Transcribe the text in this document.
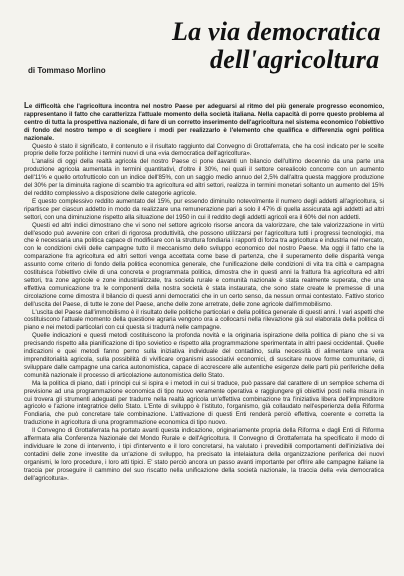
La via democratica
dell'agricoltura
di Tommaso Morlino

Le difficoltà che l'agricoltura incontra nel nostro Paese per adeguarsi al ritmo del più generale progresso economico, rappresentano il fatto che caratterizza l'attuale momento della società italiana. Nella capacità di porre questo problema al centro di tutta la prospettiva nazionale, di fare di un corretto inserimento dell'agricoltura nel sistema economico l'obiettivo di fondo del nostro tempo e di scegliere i modi per realizzarlo è l'elemento che qualifica e differenzia ogni politica nazionale.

Questo è stato il significato, il contenuto e il risultato raggiunto dal Convegno di Grottaferrata, che ha così indicato per le scelte proprie delle forze politiche i termini nuovi di una «via democratica dell'agricoltura».

L'analisi di oggi della realtà agricola del nostro Paese ci pone davanti un bilancio dell'ultimo decennio da una parte una produzione agricola aumentata in termini quantitativi, d'oltre il 30%, nei quali il settore cerealicolo concorre con un aumento dell'11% e quello ortofrutticolo con un indice dell'85%, con un saggio medio annuo del 2,5% dall'altra questa maggiore produzione del 30% per la diminuita ragione di scambio tra agricoltura ed altri settori, realizza in termini monetari soltanto un aumento del 15% del reddito complessivo a disposizione delle categorie agricole.

E questo complessivo reddito aumentato del 15%, pur essendo diminuito notevolmente il numero degli addetti all'agricoltura, si ripartisce per ciascun addetto in modo da realizzare una remunerazione pari a solo il 47% di quella assicurata agli addetti ad altri settori, con una diminuzione rispetto alla situazione del 1950 in cui il reddito degli addetti agricoli era il 60% del non addetti.

Questi ed altri indici dimostrano che vi sono nel settore agricolo risorse ancora da valorizzare, che tale valorizzazione in virtù dell'esodo può avvenire con criteri di rigorosa produttività, che possono utilizzarsi per l'agricoltura tutti i progressi tecnologici, ma che è necessaria una politica capace di modificare con la struttura fondiaria i rapporti di forza tra agricoltura e industria nel mercato, con le condizioni civili delle campagne tutto il meccanismo dello sviluppo economico del nostro Paese. Ma oggi il fatto che la comparazione fra agricoltura ed altri settori venga accettata come base di partenza, che il superamento delle disparità venga assunto come criterio di fondo della politica economica generale, che l'unificazione delle condizioni di vita tra città e campagna costituisca l'obiettivo civile di una concreta e programmata politica, dimostra che in questi anni la frattura fra agricoltura ed altri settori, tra zone agricole e zone industrializzate, tra società rurale e comunità nazionale è stata realmente superata, che una effettiva comunicazione tra le componenti della nostra società è stata instaurata, che sono state create le premesse di una circolazione come dimostra il bilancio di questi anni democratici che in un certo senso, da nessun ormai contestato. Fattivo storico dell'uscita del Paese, di tutte le zone del Paese, anche delle zone arretrate, delle zone agricole dall'immobilismo.

L'uscita del Paese dall'immobilismo è il risultato delle politiche particolari e della politica generale di questi anni. I vari aspetti che costituiscono l'attuale momento della questione agraria vengono ora a collocarsi nella rilevazione già sul elaborata della politica di piano e nei metodi particolari con cui questa si tradurrà nelle campagne.

Quelle indicazioni e questi metodi costituiscono la profonda novità e la originaria ispirazione della politica di piano che si va precisando rispetto alla pianificazione di tipo sovietico e rispetto alla programmazione sperimentata in altri paesi occidentali. Quelle indicazioni e quei metodi fanno perno sulla iniziativa individuale del contadino, sulla necessità di alimentare una vera imprenditorialità agricola, sulla possibilità di vivificare organismi associativi economici, di suscitare nuove forme comunitarie, di sviluppare dalle campagne una carica autonomistica, capace di accrescere alle autentiche esigenze delle parti più periferiche della comunità nazionale il processo di articolazione autonomistica dello Stato.

Ma la politica di piano, dati i principi cui si ispira e i metodi in cui si traduce, può passare dal carattere di un semplice schema di previsione ad una programmazione economica di tipo nuovo veramente operativa e raggiungere gli obiettivi posti nella misura in cui trovera gli strumenti adeguati per tradurre nella realtà agricola un'effettiva combinazione tra l'iniziativa libera dell'imprenditore agricolo e l'azione integratrice dello Stato. L'Ente di sviluppo è l'istituto, l'organismo, già collaudato nell'esperienza della Riforma Fondiaria, che può concretare tale combinazione. L'attivazione di questi Enti renderà perciò effettiva, coerente e corretta la traduzione in agricoltura di una programmazione economica di tipo nuovo.

Il Convegno di Grottaferrata ha portato avanti questa indicazione, originariamente propria della Riforma e dagli Enti di Riforma affermata alla Conferenza Nazionale del Mondo Rurale e dell'Agricoltura. Il Convegno di Grottaferrata ha specificato il modo di individuare le zone di intervento, i tipi d'intervento e il loro concretarsi, ha valutato i prevedibili comportamenti dell'iniziativa dei contadini delle zone investite da un'azione di sviluppo, ha precisato la intelaiatura della organizzazione periferica dei nuovi organismi, le loro procedure, i loro atti tipici. E' stato perciò ancora un passo avanti importante per offrire alle campagne italiane la traccia per proseguire il cammino del suo riscatto nella unificazione della società nazionale, la traccia della «via democratica dell'agricoltura».
